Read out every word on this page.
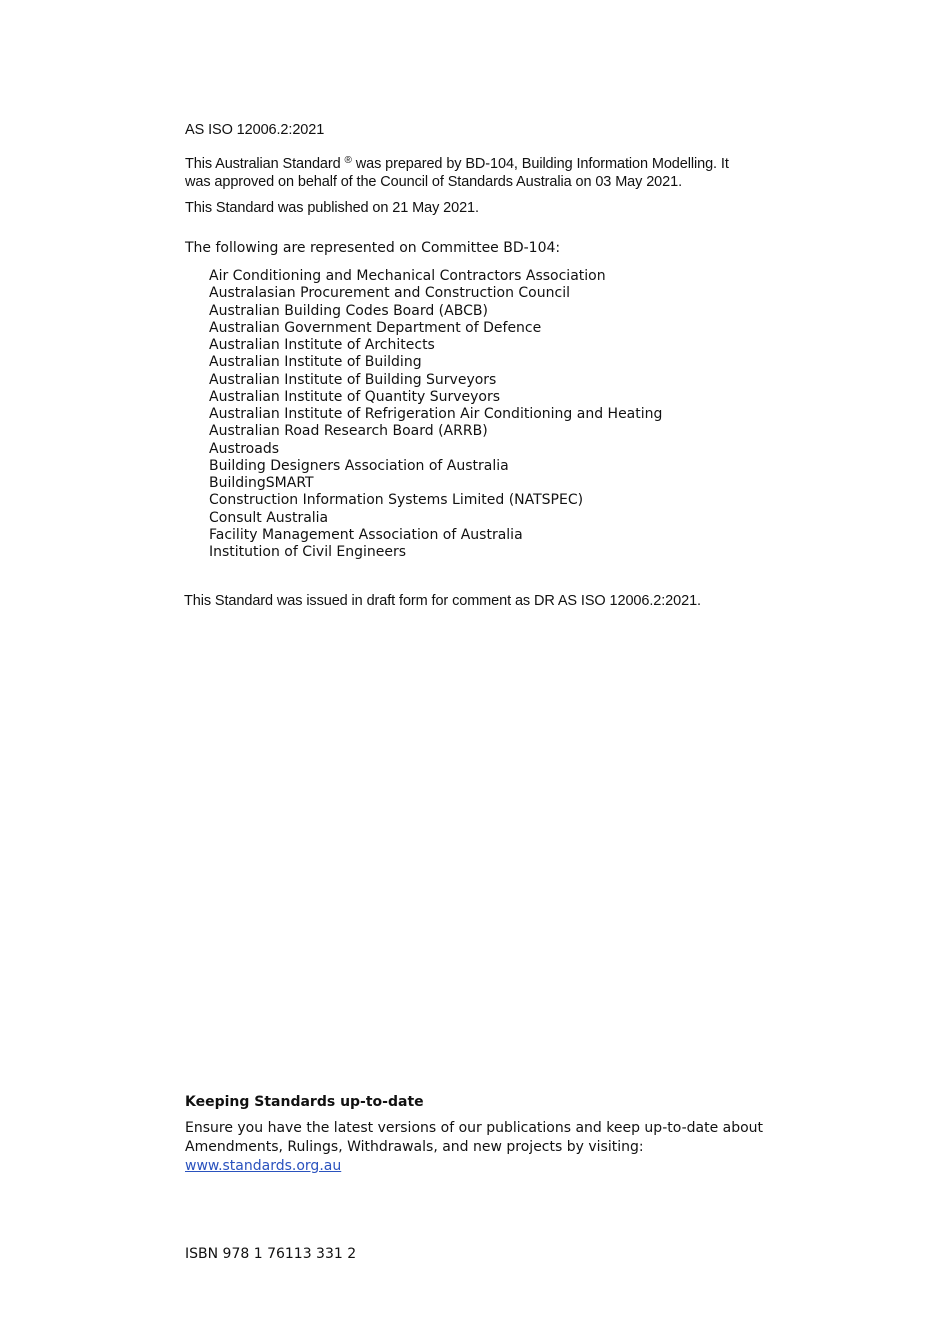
AS ISO 12006.2:2021
This Australian Standard ® was prepared by BD-104, Building Information Modelling. It
was approved on behalf of the Council of Standards Australia on 03 May 2021.
This Standard was published on 21 May 2021.
The following are represented on Committee BD-104:
Air Conditioning and Mechanical Contractors Association
Australasian Procurement and Construction Council
Australian Building Codes Board (ABCB)
Australian Government Department of Defence
Australian Institute of Architects
Australian Institute of Building
Australian Institute of Building Surveyors
Australian Institute of Quantity Surveyors
Australian Institute of Refrigeration Air Conditioning and Heating
Australian Road Research Board (ARRB)
Austroads
Building Designers Association of Australia
BuildingSMART
Construction Information Systems Limited (NATSPEC)
Consult Australia
Facility Management Association of Australia
Institution of Civil Engineers
This Standard was issued in draft form for comment as DR AS ISO 12006.2:2021.
Keeping Standards up-to-date
Ensure you have the latest versions of our publications and keep up-to-date about
Amendments, Rulings, Withdrawals, and new projects by visiting:
www.standards.org.au
ISBN 978 1 76113 331 2
